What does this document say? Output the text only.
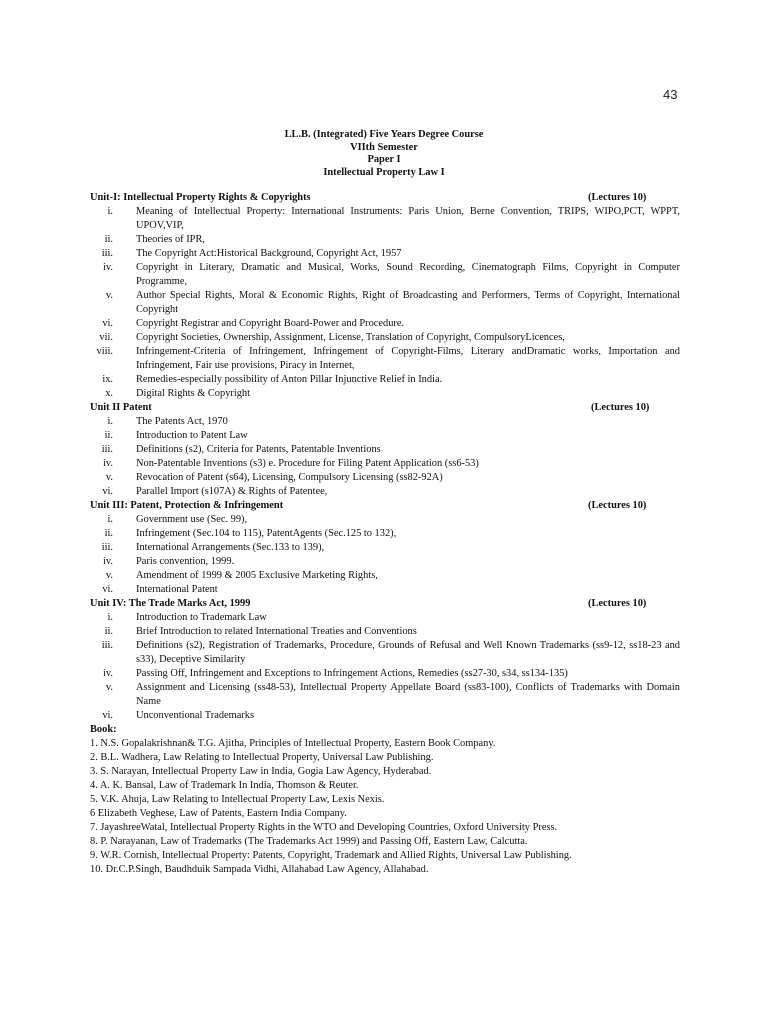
43
LL.B. (Integrated) Five Years Degree Course
VIIth Semester
Paper I
Intellectual Property Law I
Unit-I: Intellectual Property Rights & Copyrights	(Lectures 10)
i. Meaning of Intellectual Property: International Instruments: Paris Union, Berne Convention, TRIPS, WIPO,PCT, WPPT, UPOV,VIP,
ii. Theories of IPR,
iii. The Copyright Act:Historical Background, Copyright Act, 1957
iv. Copyright in Literary, Dramatic and Musical, Works, Sound Recording, Cinematograph Films, Copyright in Computer Programme,
v. Author Special Rights, Moral & Economic Rights, Right of Broadcasting and Performers, Terms of Copyright, International Copyright
vi. Copyright Registrar and Copyright Board-Power and Procedure.
vii. Copyright Societies, Ownership, Assignment, License, Translation of Copyright, CompulsoryLicences,
viii. Infringement-Criteria of Infringement, Infringement of Copyright-Films, Literary andDramatic works, Importation and Infringement, Fair use provisions, Piracy in Internet,
ix. Remedies-especially possibility of Anton Pillar Injunctive Relief in India.
x. Digital Rights & Copyright
Unit II Patent	(Lectures 10)
i. The Patents Act, 1970
ii. Introduction to Patent Law
iii. Definitions (s2), Criteria for Patents, Patentable Inventions
iv. Non-Patentable Inventions (s3) e. Procedure for Filing Patent Application (ss6-53)
v. Revocation of Patent (s64), Licensing, Compulsory Licensing (ss82-92A)
vi. Parallel Import (s107A) & Rights of Patentee,
Unit III: Patent, Protection & Infringement	(Lectures 10)
i. Government use (Sec. 99),
ii. Infringement (Sec.104 to 115), PatentAgents (Sec.125 to 132),
iii. International Arrangements (Sec.133 to 139),
iv. Paris convention, 1999.
v. Amendment of 1999 & 2005 Exclusive Marketing Rights,
vi. International Patent
Unit IV: The Trade Marks Act, 1999	(Lectures 10)
i. Introduction to Trademark Law
ii. Brief Introduction to related International Treaties and Conventions
iii. Definitions (s2), Registration of Trademarks, Procedure, Grounds of Refusal and Well Known Trademarks (ss9-12, ss18-23 and s33), Deceptive Similarity
iv. Passing Off, Infringement and Exceptions to Infringement Actions, Remedies (ss27-30, s34, ss134-135)
v. Assignment and Licensing (ss48-53), Intellectual Property Appellate Board (ss83-100), Conflicts of Trademarks with Domain Name
vi. Unconventional Trademarks
Book:
1. N.S. Gopalakrishnan& T.G. Ajitha, Principles of Intellectual Property, Eastern Book Company.
2. B.L. Wadhera, Law Relating to Intellectual Property, Universal Law Publishing.
3. S. Narayan, Intellectual Property Law in India, Gogia Law Agency, Hyderabad.
4. A. K. Bansal, Law of Trademark In India, Thomson & Reuter.
5. V.K. Ahuja, Law Relating to Intellectual Property Law, Lexis Nexis.
6 Elizabeth Veghese, Law of Patents, Eastern India Company.
7. JayashreeWatal, Intellectual Property Rights in the WTO and Developing Countries, Oxford University Press.
8. P. Narayanan, Law of Trademarks (The Trademarks Act 1999) and Passing Off, Eastern Law, Calcutta.
9. W.R. Cornish, Intellectual Property: Patents, Copyright, Trademark and Allied Rights, Universal Law Publishing.
10. Dr.C.P.Singh, Baudhduik Sampada Vidhi, Allahabad Law Agency, Allahabad.
